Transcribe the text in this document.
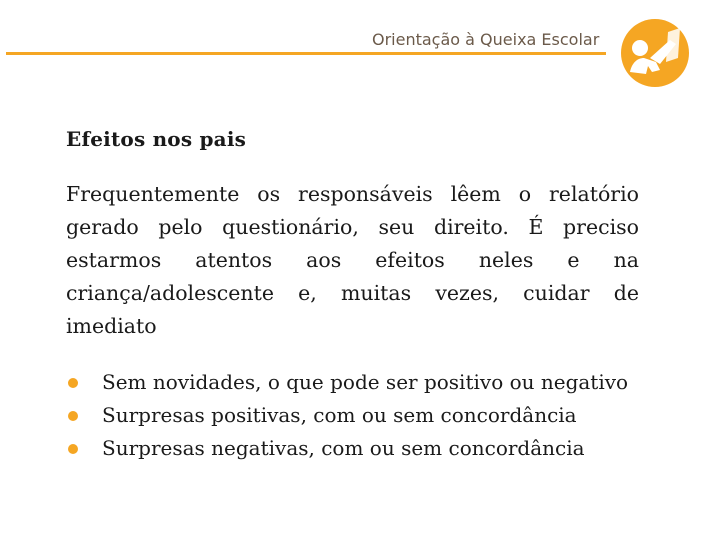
Orientação à Queixa Escolar
Efeitos nos pais

Frequentemente os responsáveis lêem o relatório gerado pelo questionário, seu direito. É preciso estarmos atentos aos efeitos neles e na criança/adolescente e, muitas vezes, cuidar de imediato

Sem novidades, o que pode ser positivo ou negativo
Surpresas positivas, com ou sem concordância
Surpresas negativas, com ou sem concordância
